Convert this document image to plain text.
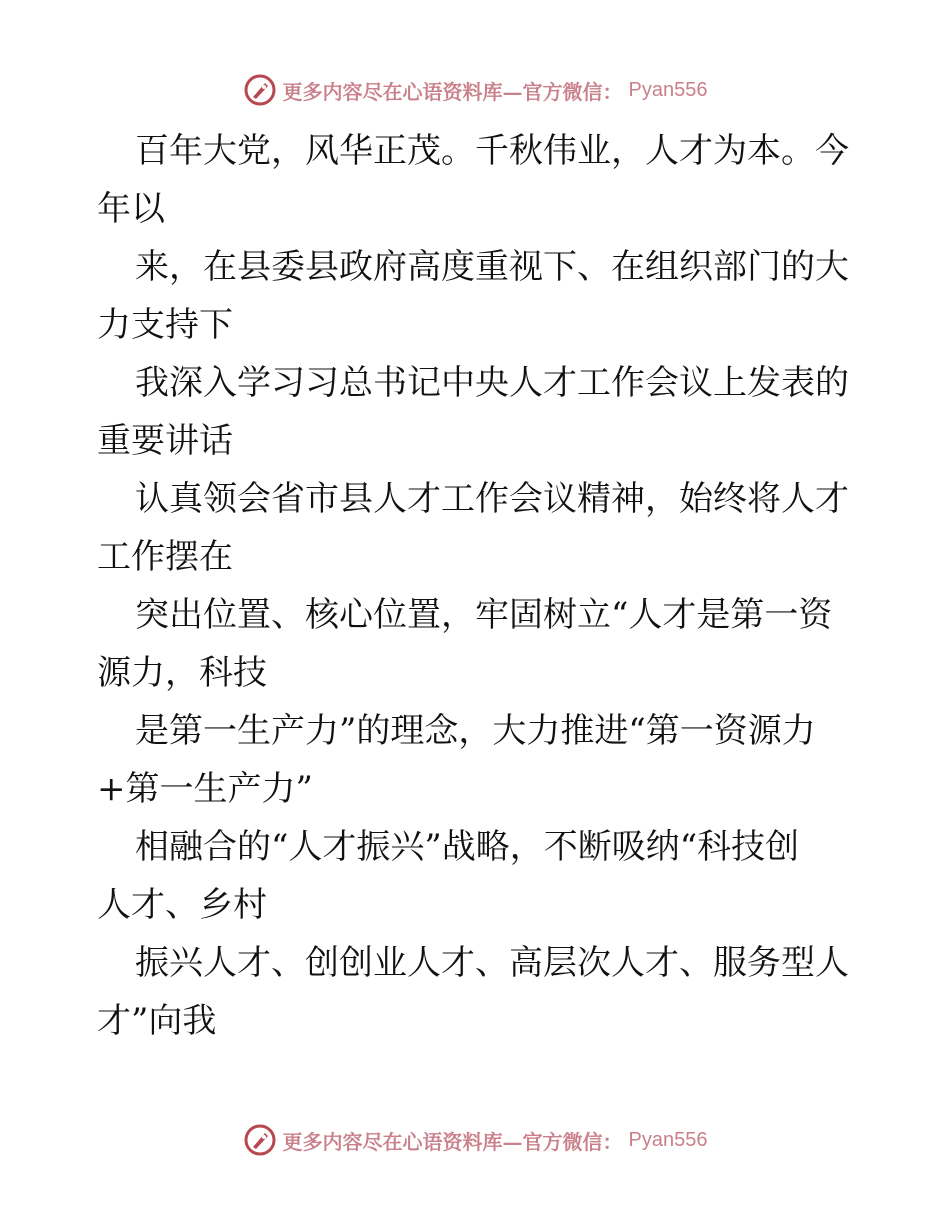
更多内容尽在心语资料库—官方微信： Pyan556
百年大党，风华正茂。千秋伟业，人才为本。今
年以
来，在县委县政府高度重视下、在组织部门的大
力支持下
我深入学习习总书记中央人才工作会议上发表的
重要讲话
认真领会省市县人才工作会议精神，始终将人才
工作摆在
突出位置、核心位置，牢固树立“人才是第一资
源力，科技
是第一生产力”的理念，大力推进“第一资源力
+第一生产力”
相融合的“人才振兴”战略，不断吸纳“科技创
人才、乡村
振兴人才、创创业人才、高层次人才、服务型人
才”向我
更多内容尽在心语资料库—官方微信： Pyan556
